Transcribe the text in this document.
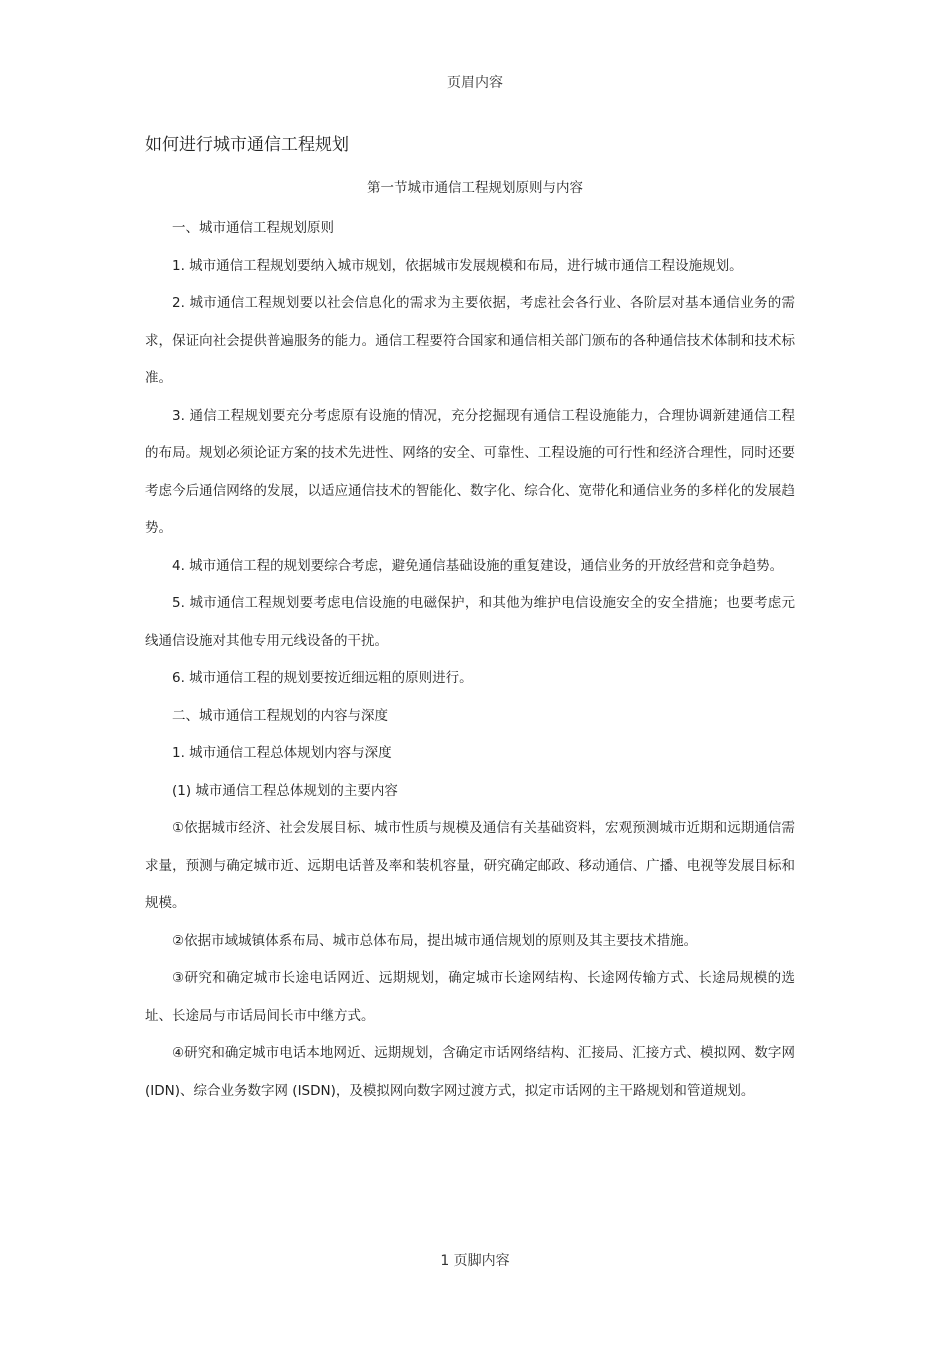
页眉内容
如何进行城市通信工程规划
第一节城市通信工程规划原则与内容

一、城市通信工程规划原则

1. 城市通信工程规划要纳入城市规划，依据城市发展规模和布局，进行城市通信工程设施规划。

2. 城市通信工程规划要以社会信息化的需求为主要依据，考虑社会各行业、各阶层对基本通信业务的需求，保证向社会提供普遍服务的能力。通信工程要符合国家和通信相关部门颁布的各种通信技术体制和技术标准。

3. 通信工程规划要充分考虑原有设施的情况，充分挖掘现有通信工程设施能力，合理协调新建通信工程的布局。规划必须论证方案的技术先进性、网络的安全、可靠性、工程设施的可行性和经济合理性，同时还要考虑今后通信网络的发展，以适应通信技术的智能化、数字化、综合化、宽带化和通信业务的多样化的发展趋势。

4. 城市通信工程的规划要综合考虑，避免通信基础设施的重复建设，通信业务的开放经营和竞争趋势。

5. 城市通信工程规划要考虑电信设施的电磁保护，和其他为维护电信设施安全的安全措施；也要考虑元线通信设施对其他专用元线设备的干扰。

6. 城市通信工程的规划要按近细远粗的原则进行。

二、城市通信工程规划的内容与深度

1. 城市通信工程总体规划内容与深度

(1) 城市通信工程总体规划的主要内容

①依据城市经济、社会发展目标、城市性质与规模及通信有关基础资料，宏观预测城市近期和远期通信需求量，预测与确定城市近、远期电话普及率和装机容量，研究确定邮政、移动通信、广播、电视等发展目标和规模。

②依据市域城镇体系布局、城市总体布局，提出城市通信规划的原则及其主要技术措施。

③研究和确定城市长途电话网近、远期规划，确定城市长途网结构、长途网传输方式、长途局规模的选址、长途局与市话局间长市中继方式。

④研究和确定城市电话本地网近、远期规划，含确定市话网络结构、汇接局、汇接方式、模拟网、数字网 (IDN)、综合业务数字网 (ISDN)，及模拟网向数字网过渡方式，拟定市话网的主干路规划和管道规划。

1 页脚内容
